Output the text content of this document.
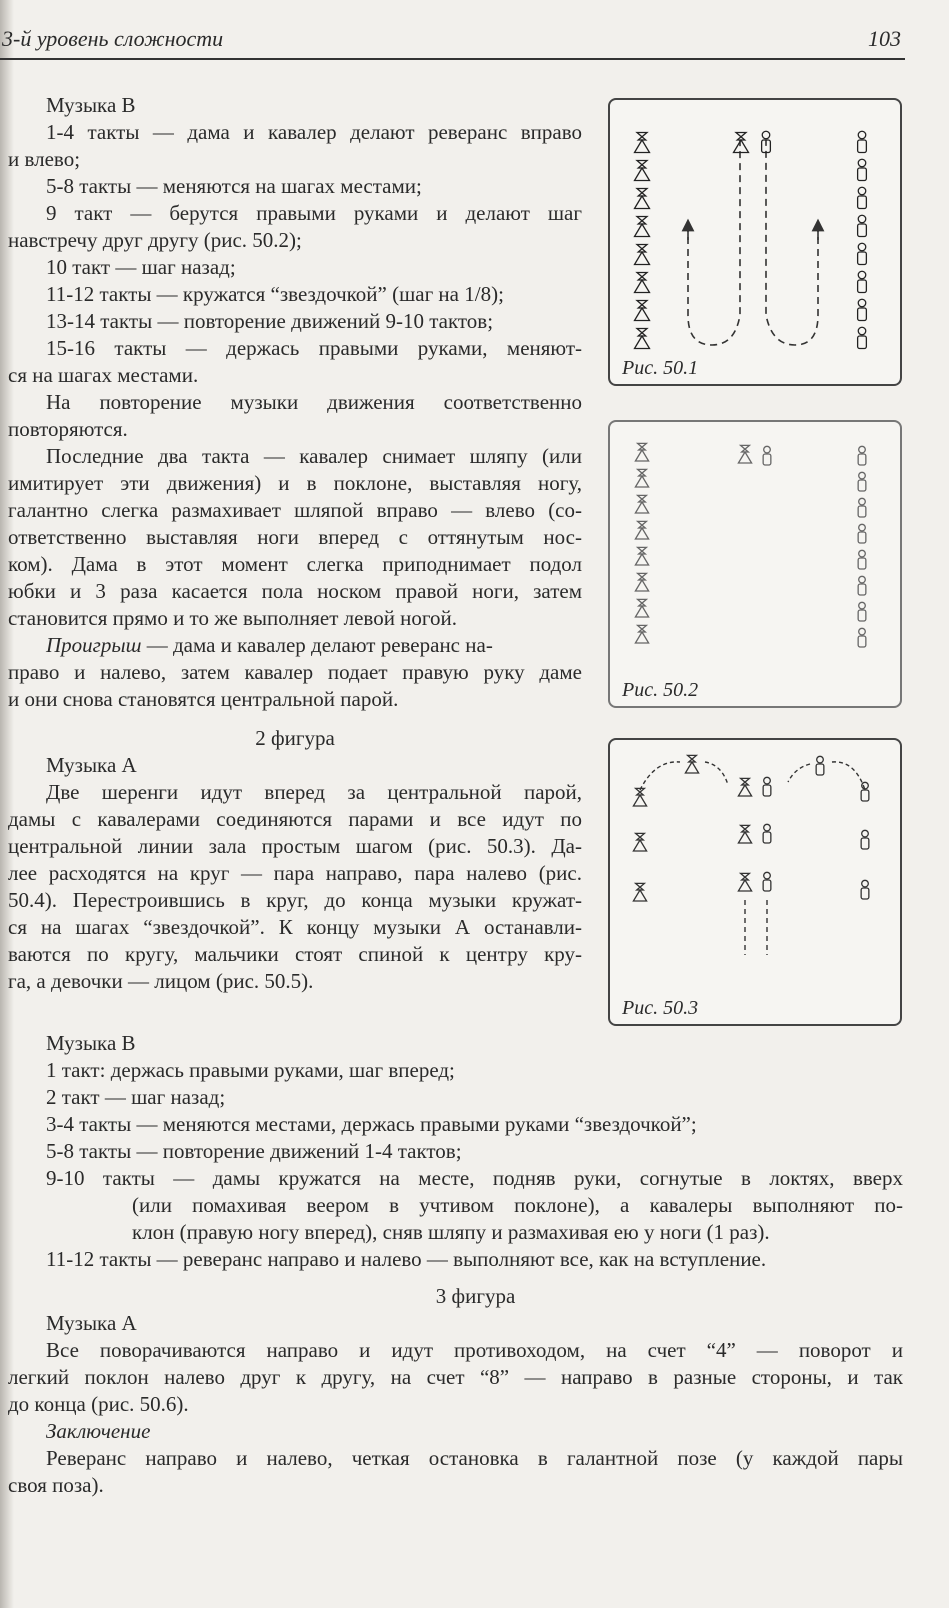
3-й уровень сложности	103
Музыка В
1-4 такты — дама и кавалер делают реверанс вправо
и влево;
5-8 такты — меняются на шагах местами;
9 такт — берутся правыми руками и делают шаг
навстречу друг другу (рис. 50.2);
10 такт — шаг назад;
11-12 такты — кружатся “звездочкой” (шаг на 1/8);
13-14 такты — повторение движений 9-10 тактов;
15-16 такты — держась правыми руками, меняют-
ся на шагах местами.
На повторение музыки движения соответственно
повторяются.
Последние два такта — кавалер снимает шляпу (или
имитирует эти движения) и в поклоне, выставляя ногу,
галантно слегка размахивает шляпой вправо — влево (со-
ответственно выставляя ноги вперед с оттянутым нос-
ком). Дама в этот момент слегка приподнимает подол
юбки и 3 раза касается пола носком правой ноги, затем
становится прямо и то же выполняет левой ногой.
Проигрыш — дама и кавалер делают реверанс на-
право и налево, затем кавалер подает правую руку даме
и они снова становятся центральной парой.
2 фигура
Музыка А
Две шеренги идут вперед за центральной парой,
дамы с кавалерами соединяются парами и все идут по
центральной линии зала простым шагом (рис. 50.3). Да-
лее расходятся на круг — пара направо, пара налево (рис.
50.4). Перестроившись в круг, до конца музыки кружат-
ся на шагах “звездочкой”. К концу музыки А останавли-
ваются по кругу, мальчики стоят спиной к центру кру-
га, а девочки — лицом (рис. 50.5).
Музыка В
1 такт: держась правыми руками, шаг вперед;
2 такт — шаг назад;
3-4 такты — меняются местами, держась правыми руками “звездочкой”;
5-8 такты — повторение движений 1-4 тактов;
9-10 такты — дамы кружатся на месте, подняв руки, согнутые в локтях, вверх
(или помахивая веером в учтивом поклоне), а кавалеры выполняют по-
клон (правую ногу вперед), сняв шляпу и размахивая ею у ноги (1 раз).
11-12 такты — реверанс направо и налево — выполняют все, как на вступление.
3 фигура
Музыка А
Все поворачиваются направо и идут противоходом, на счет “4” — поворот и
легкий поклон налево друг к другу, на счет “8” — направо в разные стороны, и так
до конца (рис. 50.6).
Заключение
Реверанс направо и налево, четкая остановка в галантной позе (у каждой пары
своя поза).
Рис. 50.1
Рис. 50.2
Рис. 50.3
